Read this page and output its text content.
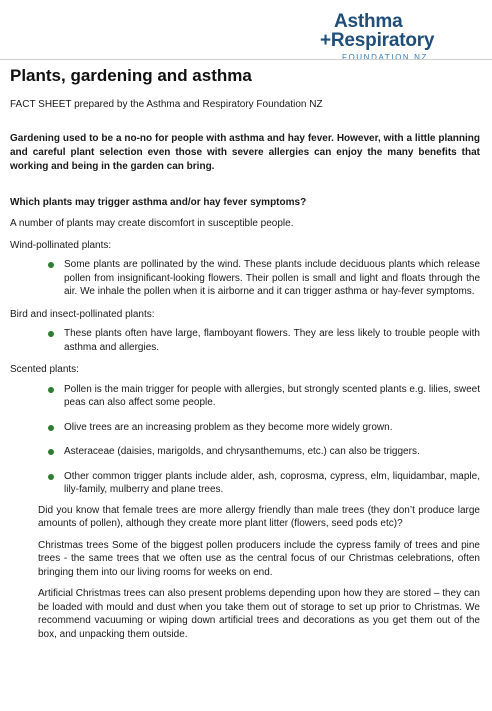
Asthma
+Respiratory
FOUNDATION NZ
Plants, gardening and asthma
FACT SHEET prepared by the Asthma and Respiratory Foundation NZ
Gardening used to be a no-no for people with asthma and hay fever. However, with a little planning and careful plant selection even those with severe allergies can enjoy the many benefits that working and being in the garden can bring.
Which plants may trigger asthma and/or hay fever symptoms?

A number of plants may create discomfort in susceptible people.

Wind-pollinated plants:

Some plants are pollinated by the wind. These plants include deciduous plants which release pollen from insignificant-looking flowers. Their pollen is small and light and floats through the air. We inhale the pollen when it is airborne and it can trigger asthma or hay-fever symptoms.

Bird and insect-pollinated plants:

These plants often have large, flamboyant flowers. They are less likely to trouble people with asthma and allergies.

Scented plants:

Pollen is the main trigger for people with allergies, but strongly scented plants e.g. lilies, sweet peas can also affect some people.
Olive trees are an increasing problem as they become more widely grown.
Asteraceae (daisies, marigolds, and chrysanthemums, etc.) can also be triggers.
Other common trigger plants include alder, ash, coprosma, cypress, elm, liquidambar, maple, lily-family, mulberry and plane trees.

Did you know that female trees are more allergy friendly than male trees (they don’t produce large amounts of pollen), although they create more plant litter (flowers, seed pods etc)?

Christmas trees Some of the biggest pollen producers include the cypress family of trees and pine trees - the same trees that we often use as the central focus of our Christmas celebrations, often bringing them into our living rooms for weeks on end.

Artificial Christmas trees can also present problems depending upon how they are stored – they can be loaded with mould and dust when you take them out of storage to set up prior to Christmas. We recommend vacuuming or wiping down artificial trees and decorations as you get them out of the box, and unpacking them outside.
